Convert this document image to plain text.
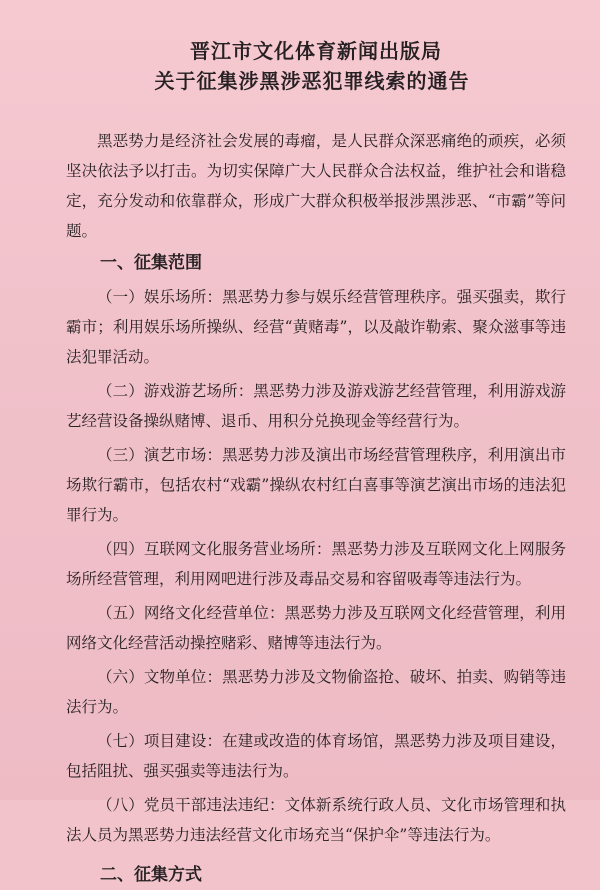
晋江市文化体育新闻出版局
关于征集涉黑涉恶犯罪线索的通告

黑恶势力是经济社会发展的毒瘤，是人民群众深恶痛绝的顽疾，必须坚决依法予以打击。为切实保障广大人民群众合法权益，维护社会和谐稳定，充分发动和依靠群众，形成广大群众积极举报涉黑涉恶、“市霸”等问题。

一、征集范围

（一）娱乐场所：黑恶势力参与娱乐经营管理秩序。强买强卖，欺行霸市；利用娱乐场所操纵、经营“黄赌毒”，以及敲诈勒索、聚众滋事等违法犯罪活动。

（二）游戏游艺场所：黑恶势力涉及游戏游艺经营管理，利用游戏游艺经营设备操纵赌博、退币、用积分兑换现金等经营行为。

（三）演艺市场：黑恶势力涉及演出市场经营管理秩序，利用演出市场欺行霸市，包括农村“戏霸”操纵农村红白喜事等演艺演出市场的违法犯罪行为。

（四）互联网文化服务营业场所：黑恶势力涉及互联网文化上网服务场所经营管理，利用网吧进行涉及毒品交易和容留吸毒等违法行为。

（五）网络文化经营单位：黑恶势力涉及互联网文化经营管理，利用网络文化经营活动操控赌彩、赌博等违法行为。

（六）文物单位：黑恶势力涉及文物偷盗抢、破坏、拍卖、购销等违法行为。

（七）项目建设：在建或改造的体育场馆，黑恶势力涉及项目建设，包括阻扰、强买强卖等违法行为。

（八）党员干部违法违纪：文体新系统行政人员、文化市场管理和执法人员为黑恶势力违法经营文化市场充当“保护伞”等违法行为。

二、征集方式
